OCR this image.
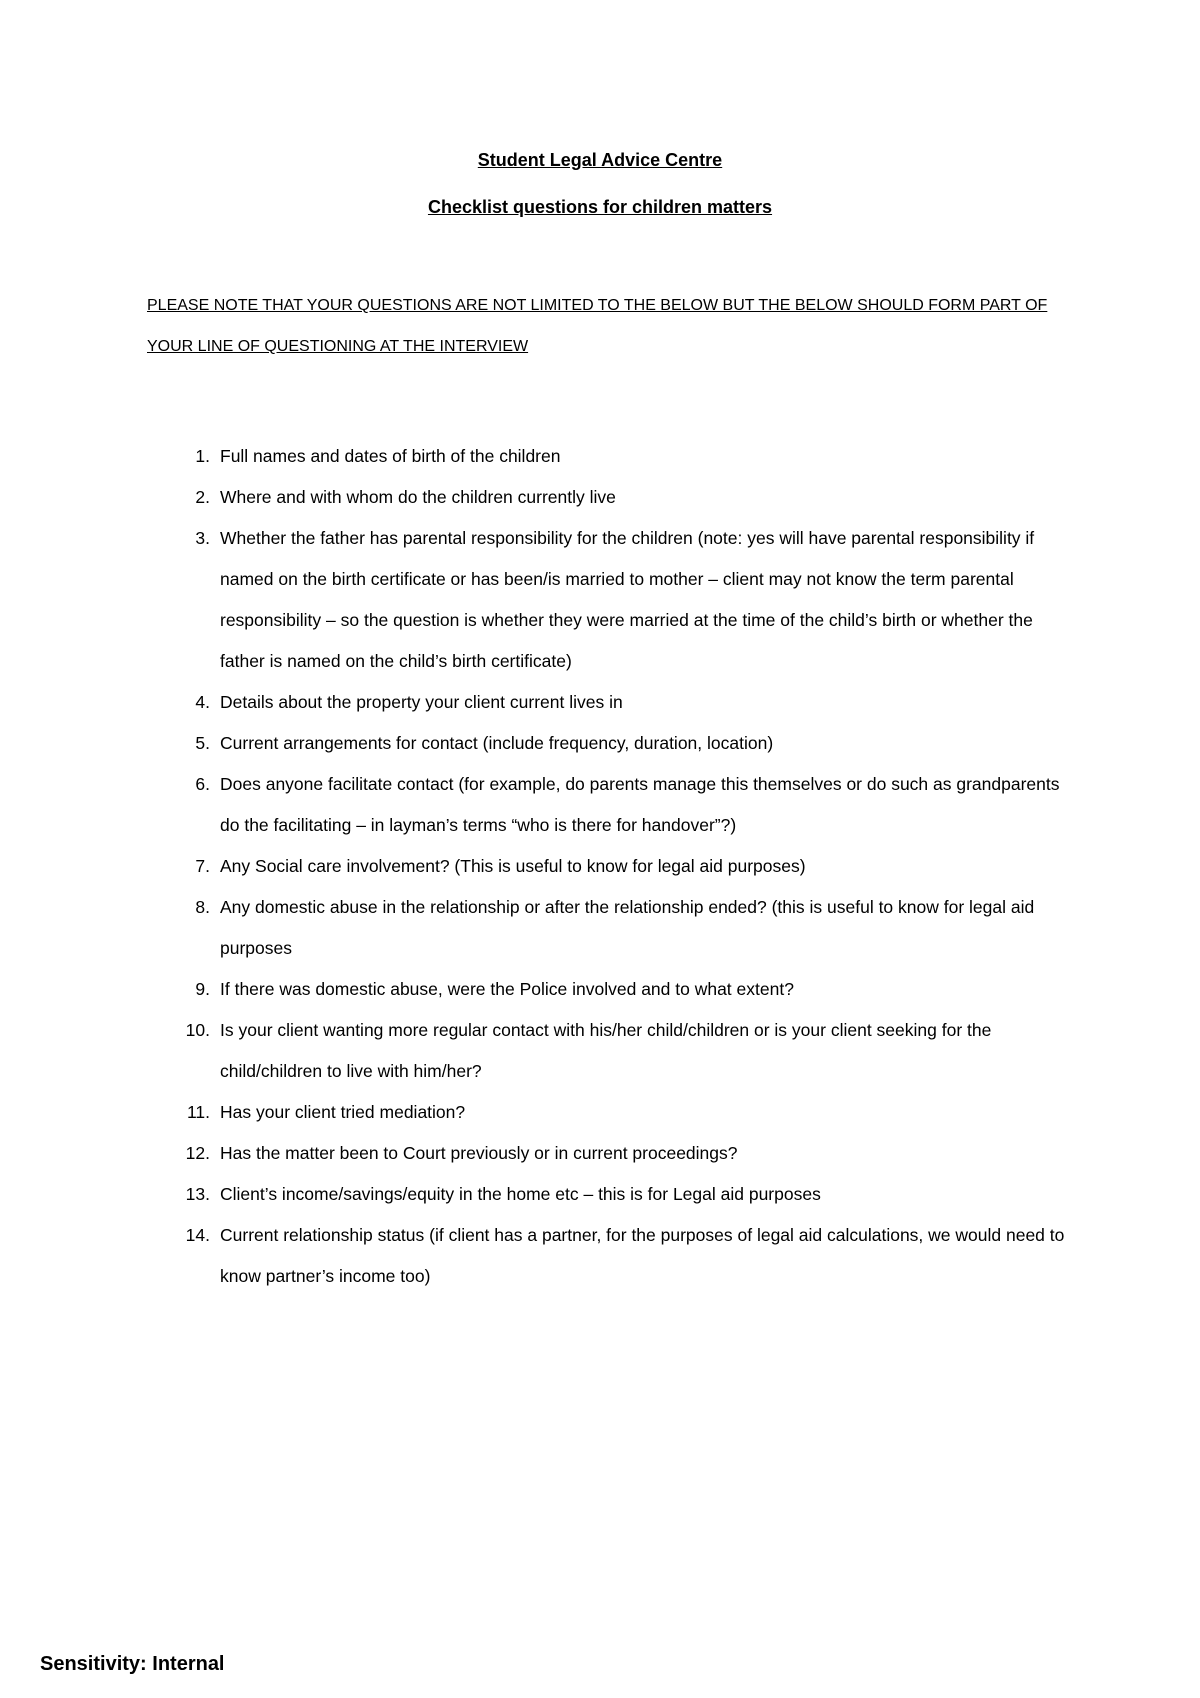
Student Legal Advice Centre

Checklist questions for children matters

PLEASE NOTE THAT YOUR QUESTIONS ARE NOT LIMITED TO THE BELOW BUT THE BELOW SHOULD FORM PART OF YOUR LINE OF QUESTIONING AT THE INTERVIEW

1. Full names and dates of birth of the children
2. Where and with whom do the children currently live
3. Whether the father has parental responsibility for the children (note: yes will have parental responsibility if named on the birth certificate or has been/is married to mother – client may not know the term parental responsibility – so the question is whether they were married at the time of the child’s birth or whether the father is named on the child’s birth certificate)
4. Details about the property your client current lives in
5. Current arrangements for contact (include frequency, duration, location)
6. Does anyone facilitate contact (for example, do parents manage this themselves or do such as grandparents do the facilitating – in layman’s terms “who is there for handover”?)
7. Any Social care involvement? (This is useful to know for legal aid purposes)
8. Any domestic abuse in the relationship or after the relationship ended? (this is useful to know for legal aid purposes
9. If there was domestic abuse, were the Police involved and to what extent?
10. Is your client wanting more regular contact with his/her child/children or is your client seeking for the child/children to live with him/her?
11. Has your client tried mediation?
12. Has the matter been to Court previously or in current proceedings?
13. Client’s income/savings/equity in the home etc – this is for Legal aid purposes
14. Current relationship status (if client has a partner, for the purposes of legal aid calculations, we would need to know partner’s income too)

Sensitivity: Internal
